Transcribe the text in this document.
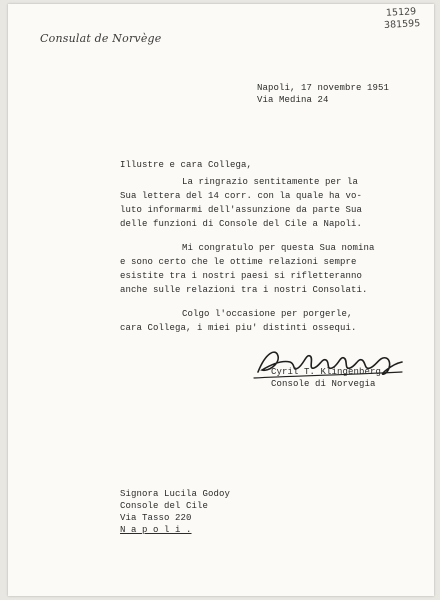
Consulat de Norvège
15129
381595
Napoli, 17 novembre 1951
Via Medina 24
Illustre e cara Collega,
La ringrazio sentitamente per la
Sua lettera del 14 corr. con la quale ha vo-
luto informarmi dell'assunzione da parte Sua
delle funzioni di Console del Cile a Napoli.
Mi congratulo per questa Sua nomina
e sono certo che le ottime relazioni sempre
esistite tra i nostri paesi si rifletteranno
anche sulle relazioni tra i nostri Consolati.
Colgo l'occasione per porgerle,
cara Collega, i miei piu' distinti ossequi.
Cyril T. Klingenberg
Console di Norvegia
Signora Lucila Godoy
Console del Cile
Via Tasso 220
N a p o l i .
